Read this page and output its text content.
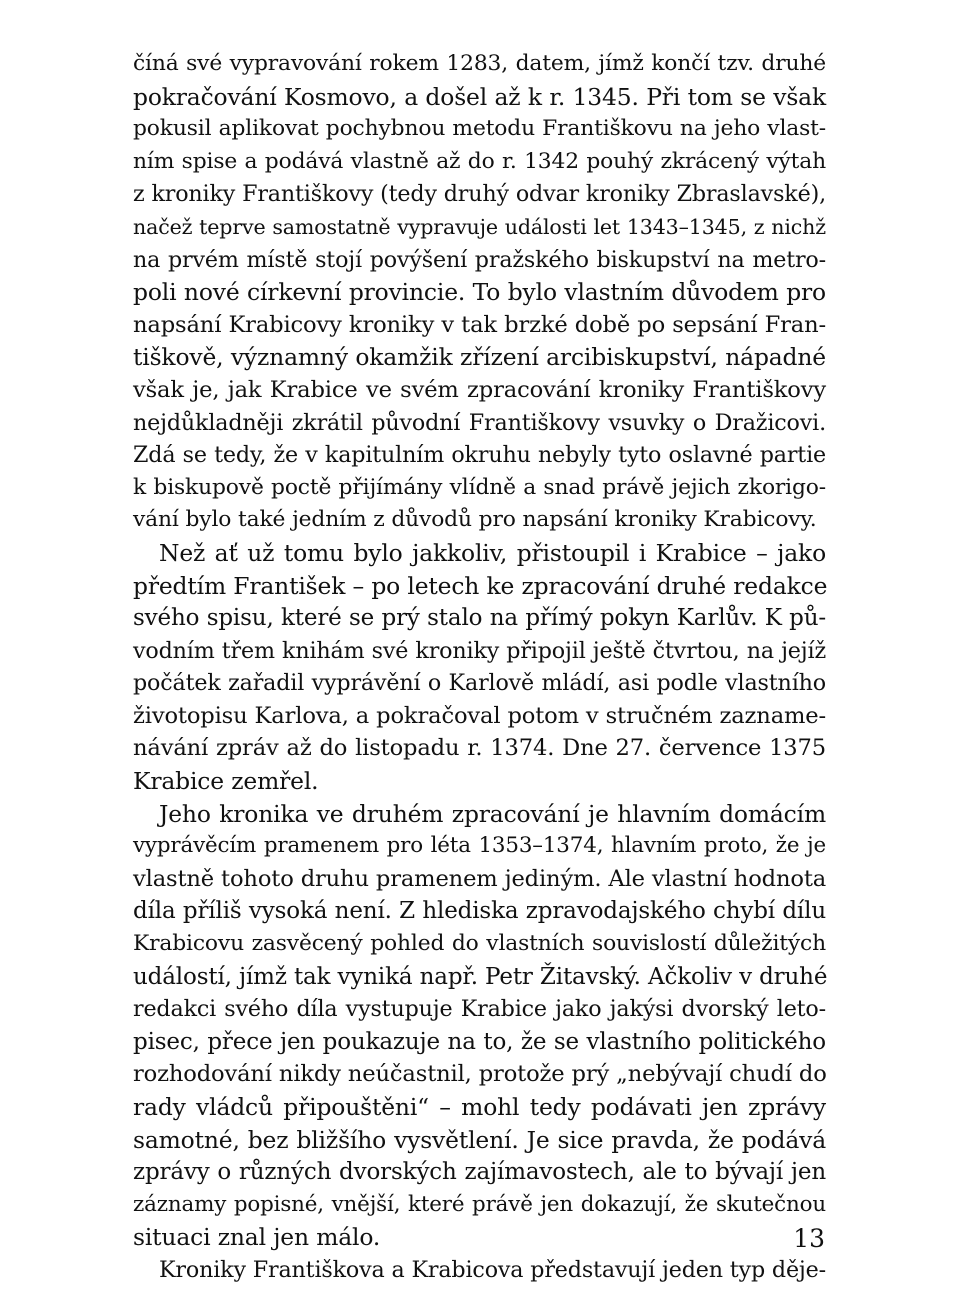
číná své vypravování rokem 1283, datem, jímž končí tzv. druhé
pokračování Kosmovo, a došel až k r. 1345. Při tom se však
pokusil aplikovat pochybnou metodu Františkovu na jeho vlast-
ním spise a podává vlastně až do r. 1342 pouhý zkrácený výtah
z kroniky Františkovy (tedy druhý odvar kroniky Zbraslavské),
načež teprve samostatně vypravuje události let 1343–1345, z nichž
na prvém místě stojí povýšení pražského biskupství na metro-
poli nové církevní provincie. To bylo vlastním důvodem pro
napsání Krabicovy kroniky v tak brzké době po sepsání Fran-
tiškově, významný okamžik zřízení arcibiskupství, nápadné
však je, jak Krabice ve svém zpracování kroniky Františkovy
nejdůkladněji zkrátil původní Františkovy vsuvky o Dražicovi.
Zdá se tedy, že v kapitulním okruhu nebyly tyto oslavné partie
k biskupově poctě přijímány vlídně a snad právě jejich zkorigo-
vání bylo také jedním z důvodů pro napsání kroniky Krabicovy.
Než ať už tomu bylo jakkoliv, přistoupil i Krabice – jako
předtím František – po letech ke zpracování druhé redakce
svého spisu, které se prý stalo na přímý pokyn Karlův. K pů-
vodním třem knihám své kroniky připojil ještě čtvrtou, na jejíž
počátek zařadil vyprávění o Karlově mládí, asi podle vlastního
životopisu Karlova, a pokračoval potom v stručném zazname-
návání zpráv až do listopadu r. 1374. Dne 27. července 1375
Krabice zemřel.
Jeho kronika ve druhém zpracování je hlavním domácím
vyprávěcím pramenem pro léta 1353–1374, hlavním proto, že je
vlastně tohoto druhu pramenem jediným. Ale vlastní hodnota
díla příliš vysoká není. Z hlediska zpravodajského chybí dílu
Krabicovu zasvěcený pohled do vlastních souvislostí důležitých
událostí, jímž tak vyniká např. Petr Žitavský. Ačkoliv v druhé
redakci svého díla vystupuje Krabice jako jakýsi dvorský leto-
pisec, přece jen poukazuje na to, že se vlastního politického
rozhodování nikdy neúčastnil, protože prý „nebývají chudí do
rady vládců připouštěni“ – mohl tedy podávati jen zprávy
samotné, bez bližšího vysvětlení. Je sice pravda, že podává
zprávy o různých dvorských zajímavostech, ale to bývají jen
záznamy popisné, vnější, které právě jen dokazují, že skutečnou
situaci znal jen málo.
Kroniky Františkova a Krabicova představují jeden typ děje-
13
